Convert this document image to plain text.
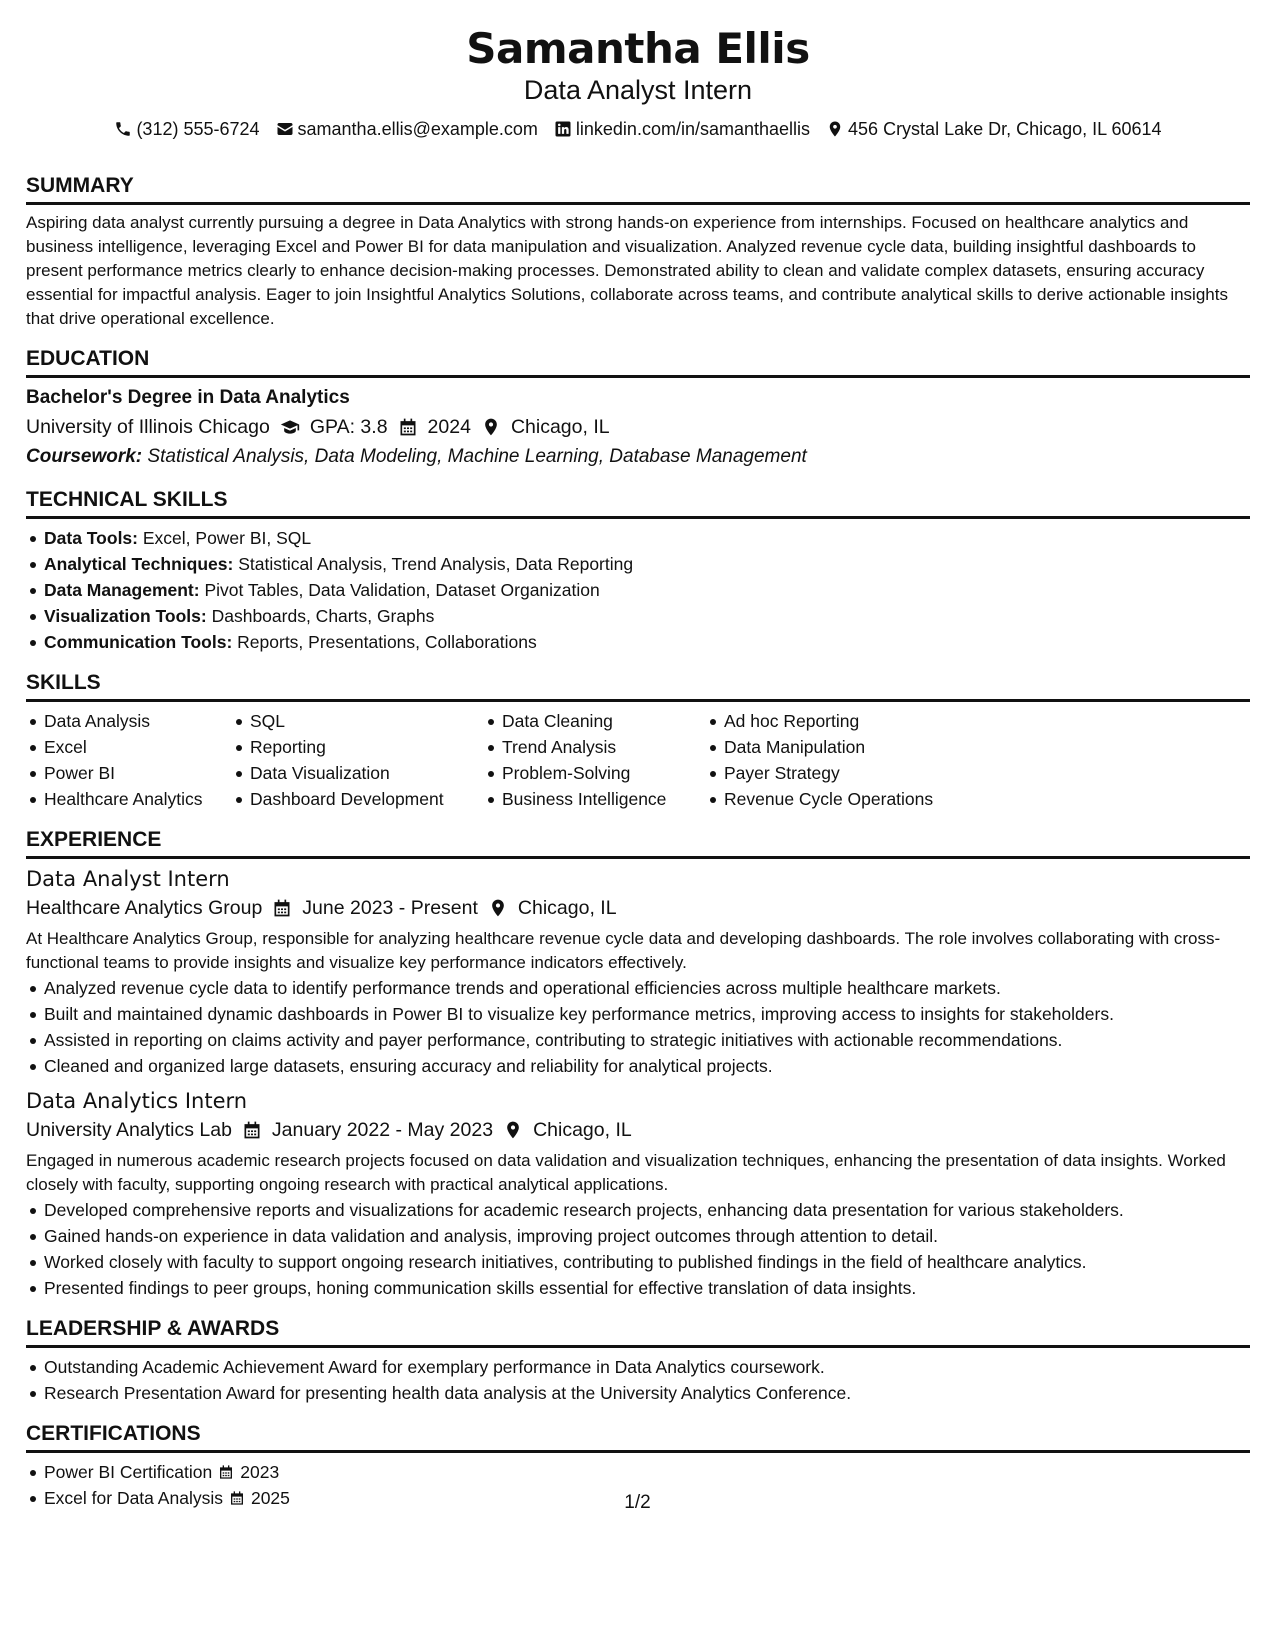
Samantha Ellis
Data Analyst Intern
(312) 555-6724 samantha.ellis@example.com linkedin.com/in/samanthaellis 456 Crystal Lake Dr, Chicago, IL 60614
SUMMARY
Aspiring data analyst currently pursuing a degree in Data Analytics with strong hands-on experience from internships. Focused on healthcare analytics and business intelligence, leveraging Excel and Power BI for data manipulation and visualization. Analyzed revenue cycle data, building insightful dashboards to present performance metrics clearly to enhance decision-making processes. Demonstrated ability to clean and validate complex datasets, ensuring accuracy essential for impactful analysis. Eager to join Insightful Analytics Solutions, collaborate across teams, and contribute analytical skills to derive actionable insights that drive operational excellence.
EDUCATION
Bachelor's Degree in Data Analytics
University of Illinois Chicago GPA: 3.8 2024 Chicago, IL
Coursework: Statistical Analysis, Data Modeling, Machine Learning, Database Management
TECHNICAL SKILLS
Data Tools: Excel, Power BI, SQL
Analytical Techniques: Statistical Analysis, Trend Analysis, Data Reporting
Data Management: Pivot Tables, Data Validation, Dataset Organization
Visualization Tools: Dashboards, Charts, Graphs
Communication Tools: Reports, Presentations, Collaborations
SKILLS
Data Analysis
Excel
Power BI
Healthcare Analytics
SQL
Reporting
Data Visualization
Dashboard Development
Data Cleaning
Trend Analysis
Problem-Solving
Business Intelligence
Ad hoc Reporting
Data Manipulation
Payer Strategy
Revenue Cycle Operations
EXPERIENCE
Data Analyst Intern
Healthcare Analytics Group June 2023 - Present Chicago, IL
At Healthcare Analytics Group, responsible for analyzing healthcare revenue cycle data and developing dashboards. The role involves collaborating with cross-functional teams to provide insights and visualize key performance indicators effectively.
Analyzed revenue cycle data to identify performance trends and operational efficiencies across multiple healthcare markets.
Built and maintained dynamic dashboards in Power BI to visualize key performance metrics, improving access to insights for stakeholders.
Assisted in reporting on claims activity and payer performance, contributing to strategic initiatives with actionable recommendations.
Cleaned and organized large datasets, ensuring accuracy and reliability for analytical projects.
Data Analytics Intern
University Analytics Lab January 2022 - May 2023 Chicago, IL
Engaged in numerous academic research projects focused on data validation and visualization techniques, enhancing the presentation of data insights. Worked closely with faculty, supporting ongoing research with practical analytical applications.
Developed comprehensive reports and visualizations for academic research projects, enhancing data presentation for various stakeholders.
Gained hands-on experience in data validation and analysis, improving project outcomes through attention to detail.
Worked closely with faculty to support ongoing research initiatives, contributing to published findings in the field of healthcare analytics.
Presented findings to peer groups, honing communication skills essential for effective translation of data insights.
LEADERSHIP & AWARDS
Outstanding Academic Achievement Award for exemplary performance in Data Analytics coursework.
Research Presentation Award for presenting health data analysis at the University Analytics Conference.
CERTIFICATIONS
Power BI Certification 2023
Excel for Data Analysis 2025	1/2
